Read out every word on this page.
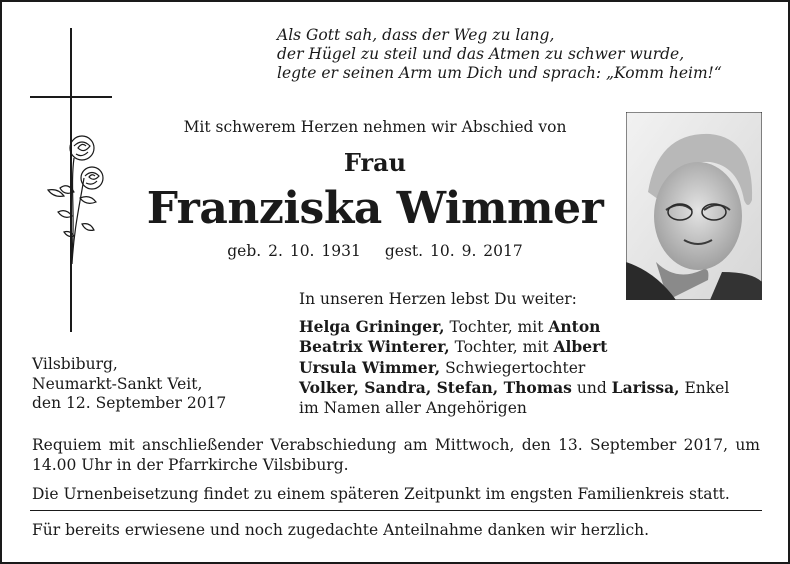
Als Gott sah, dass der Weg zu lang,
der Hügel zu steil und das Atmen zu schwer wurde,
legte er seinen Arm um Dich und sprach: „Komm heim!“
Mit schwerem Herzen nehmen wir Abschied von
Frau
Franziska Wimmer
geb. 2. 10. 1931 gest. 10. 9. 2017
In unseren Herzen lebst Du weiter:
Helga Grininger, Tochter, mit Anton
Beatrix Winterer, Tochter, mit Albert
Ursula Wimmer, Schwiegertochter
Volker, Sandra, Stefan, Thomas und Larissa, Enkel
im Namen aller Angehörigen
Vilsbiburg,
Neumarkt-Sankt Veit,
den 12. September 2017
Requiem mit anschließender Verabschiedung am Mittwoch, den 13. September 2017, um 14.00 Uhr in der Pfarrkirche Vilsbiburg.
Die Urnenbeisetzung findet zu einem späteren Zeitpunkt im engsten Familienkreis statt.
Für bereits erwiesene und noch zugedachte Anteilnahme danken wir herzlich.
